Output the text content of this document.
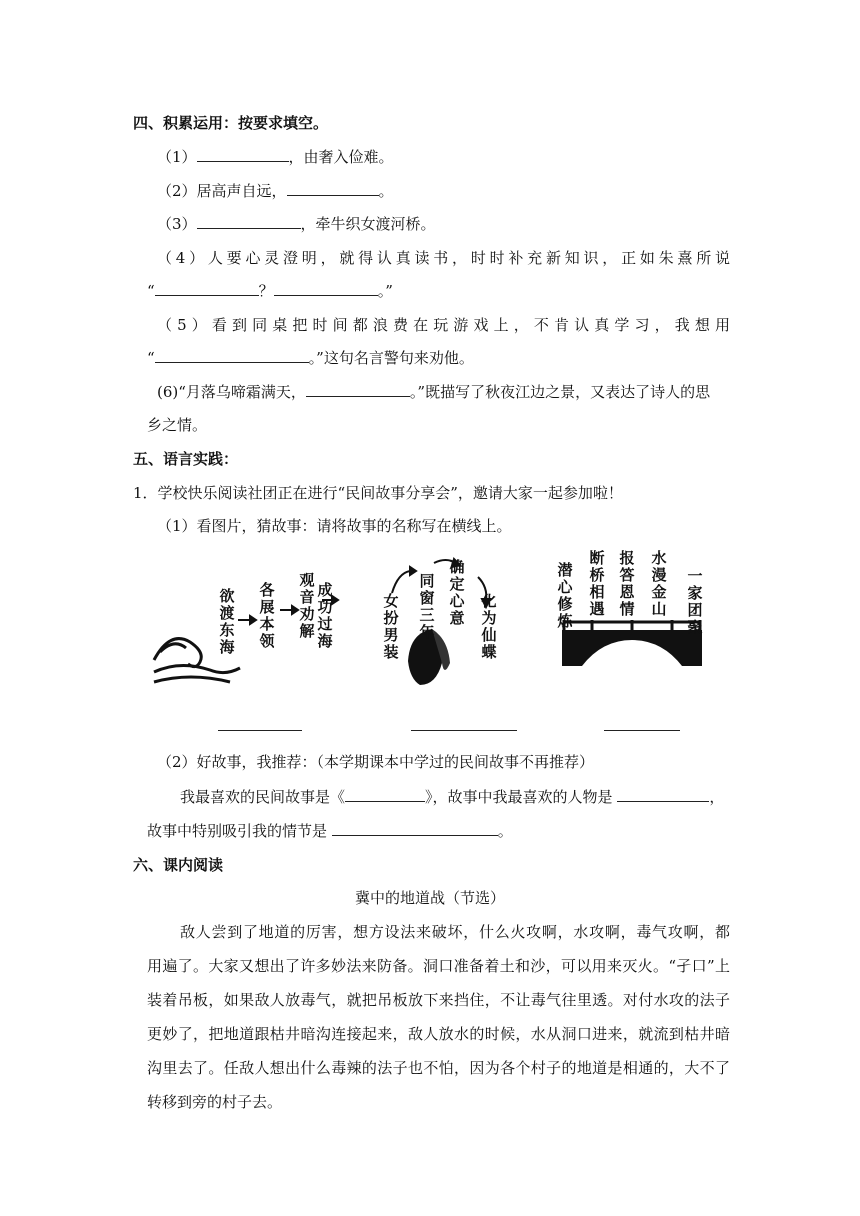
四、积累运用：按要求填空。
（1）	，由奢入俭难。
（2）居高声自远，	。
（3）	，牵牛织女渡河桥。
（4）人要心灵澄明，就得认真读书，时时补充新知识，正如朱熹所说
“	？	。”
（5）看到同桌把时间都浪费在玩游戏上，不肯认真学习，我想用
“	。”这句名言警句来劝他。
(6)“月落乌啼霜满天，	。”既描写了秋夜江边之景，又表达了诗人的思
乡之情。
五、语言实践：
1．学校快乐阅读社团正在进行“民间故事分享会”，邀请大家一起参加啦！
（1）看图片，猜故事：请将故事的名称写在横线上。
欲渡东海
各展本领
观音劝解
成功过海
女扮男装
同窗三年
确定心意
化为仙蝶
潜心修炼
断桥相遇
报答恩情
水漫金山
一家团聚
（2）好故事，我推荐：（本学期课本中学过的民间故事不再推荐）
我最喜欢的民间故事是《	》，故事中我最喜欢的人物是	，
故事中特别吸引我的情节是	。
六、课内阅读
冀中的地道战（节选）
敌人尝到了地道的厉害，想方设法来破坏，什么火攻啊，水攻啊，毒气攻啊，都
用遍了。大家又想出了许多妙法来防备。洞口准备着土和沙，可以用来灭火。“孑口”上
装着吊板，如果敌人放毒气，就把吊板放下来挡住，不让毒气往里透。对付水攻的法子
更妙了，把地道跟枯井暗沟连接起来，敌人放水的时候，水从洞口进来，就流到枯井暗
沟里去了。任敌人想出什么毒辣的法子也不怕，因为各个村子的地道是相通的，大不了
转移到旁的村子去。
